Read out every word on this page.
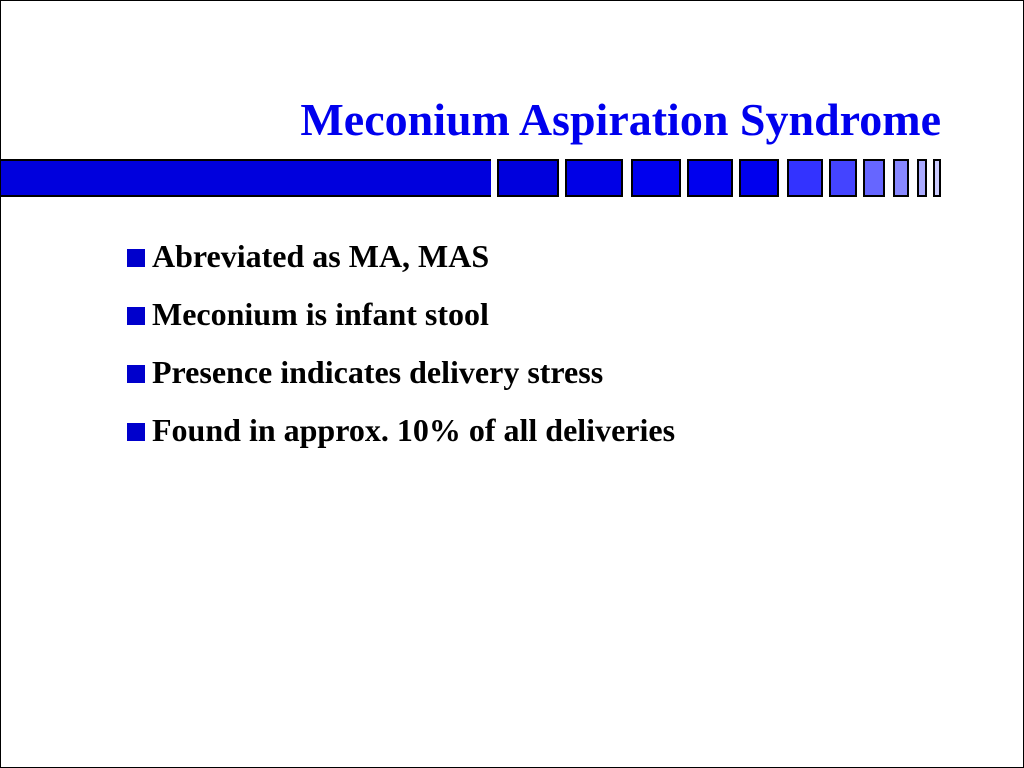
Meconium Aspiration Syndrome
Abreviated as MA, MAS
Meconium is infant stool
Presence indicates delivery stress
Found in approx. 10% of all deliveries
